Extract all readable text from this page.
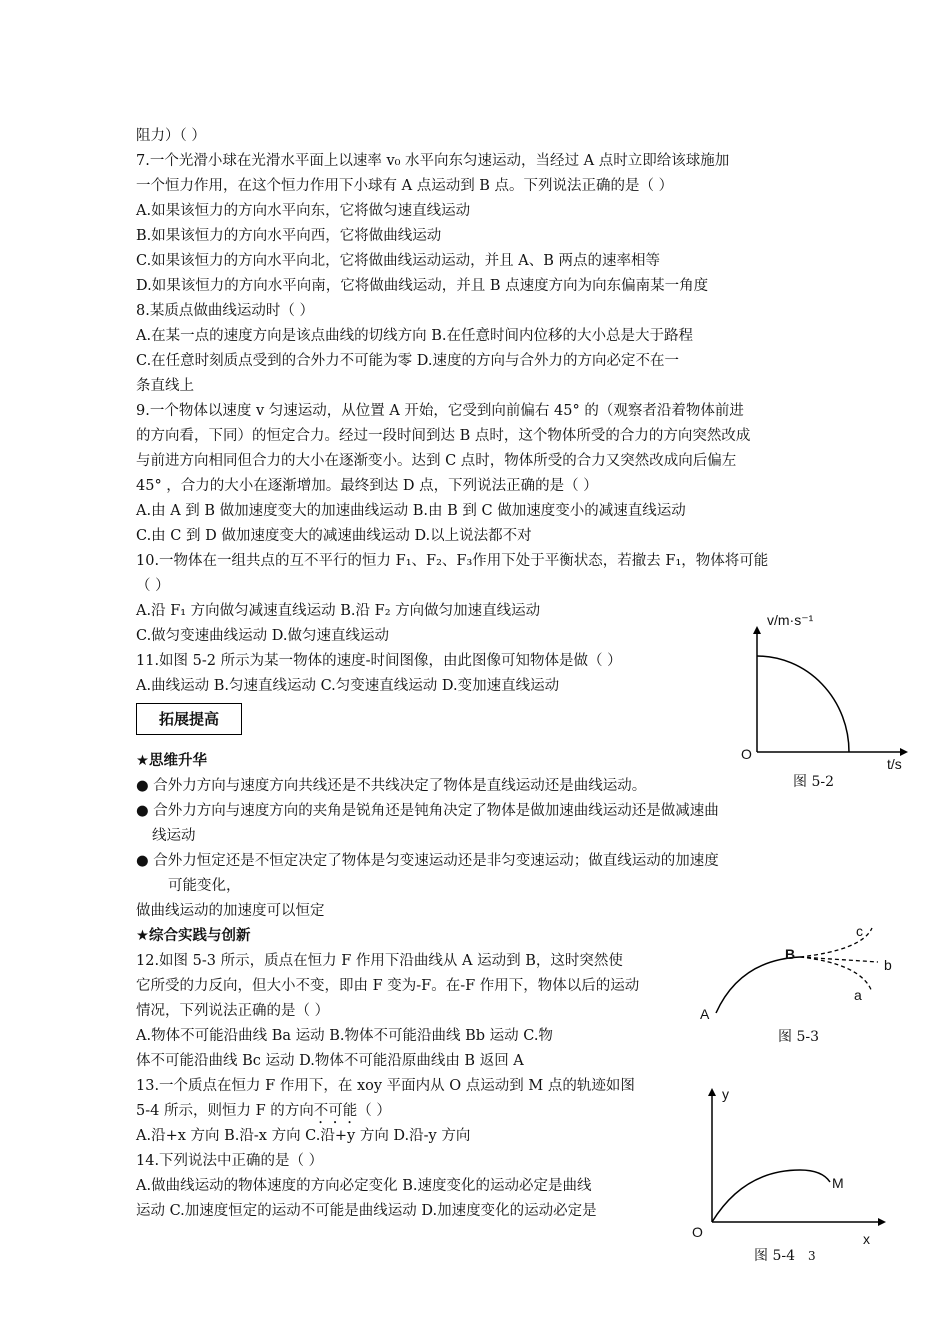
阻力）（ ）
7.一个光滑小球在光滑水平面上以速率 v₀ 水平向东匀速运动，当经过 A 点时立即给该球施加
一个恒力作用，在这个恒力作用下小球有 A 点运动到 B 点。下列说法正确的是（ ）
A.如果该恒力的方向水平向东，它将做匀速直线运动
B.如果该恒力的方向水平向西，它将做曲线运动
C.如果该恒力的方向水平向北，它将做曲线运动运动，并且 A、B 两点的速率相等
D.如果该恒力的方向水平向南，它将做曲线运动，并且 B 点速度方向为向东偏南某一角度
8.某质点做曲线运动时（ ）
A.在某一点的速度方向是该点曲线的切线方向 B.在任意时间内位移的大小总是大于路程
C.在任意时刻质点受到的合外力不可能为零 D.速度的方向与合外力的方向必定不在一
条直线上
9.一个物体以速度 v 匀速运动，从位置 A 开始，它受到向前偏右 45° 的（观察者沿着物体前进
的方向看，下同）的恒定合力。经过一段时间到达 B 点时，这个物体所受的合力的方向突然改成
与前进方向相同但合力的大小在逐渐变小。达到 C 点时，物体所受的合力又突然改成向后偏左
45° ，合力的大小在逐渐增加。最终到达 D 点，下列说法正确的是（ ）
A.由 A 到 B 做加速度变大的加速曲线运动 B.由 B 到 C 做加速度变小的减速直线运动
C.由 C 到 D 做加速度变大的减速曲线运动 D.以上说法都不对
10.一物体在一组共点的互不平行的恒力 F₁、F₂、F₃作用下处于平衡状态，若撤去 F₁，物体将可能
（ ）
A.沿 F₁ 方向做匀减速直线运动 B.沿 F₂ 方向做匀加速直线运动
C.做匀变速曲线运动 D.做匀速直线运动
11.如图 5-2 所示为某一物体的速度-时间图像，由此图像可知物体是做（ ）
A.曲线运动 B.匀速直线运动 C.匀变速直线运动 D.变加速直线运动
拓展提高
★思维升华
● 合外力方向与速度方向共线还是不共线决定了物体是直线运动还是曲线运动。
● 合外力方向与速度方向的夹角是锐角还是钝角决定了物体是做加速曲线运动还是做减速曲
线运动
● 合外力恒定还是不恒定决定了物体是匀变速运动还是非匀变速运动；做直线运动的加速度
可能变化，
做曲线运动的加速度可以恒定
★综合实践与创新
12.如图 5-3 所示，质点在恒力 F 作用下沿曲线从 A 运动到 B，这时突然使
它所受的力反向，但大小不变，即由 F 变为-F。在-F 作用下，物体以后的运动
情况，下列说法正确的是（ ）
A.物体不可能沿曲线 Ba 运动 B.物体不可能沿曲线 Bb 运动 C.物
体不可能沿曲线 Bc 运动 D.物体不可能沿原曲线由 B 返回 A
13.一个质点在恒力 F 作用下，在 xoy 平面内从 O 点运动到 M 点的轨迹如图
5-4 所示，则恒力 F 的方向不可能（ ）
A.沿+x 方向 B.沿-x 方向 C.沿+y 方向 D.沿-y 方向
14.下列说法中正确的是（ ）
A.做曲线运动的物体速度的方向必定变化 B.速度变化的运动必定是曲线
运动 C.加速度恒定的运动不可能是曲线运动 D.加速度变化的运动必定是
v/m·s⁻¹
O
t/s
图 5-2
A
B
c
b
a
图 5-3
y
O
M
x
图 5-4 3
